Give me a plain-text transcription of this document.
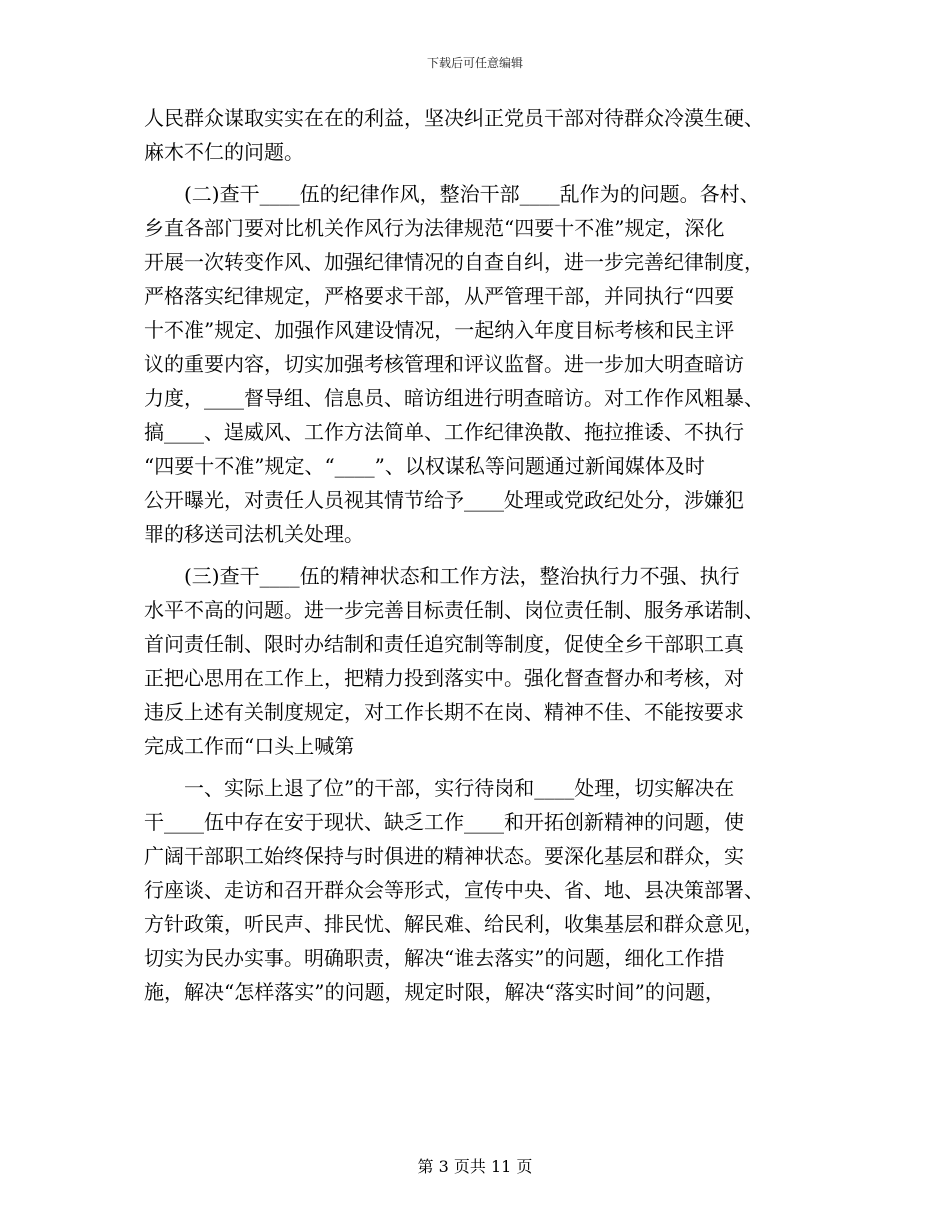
下载后可任意编辑
人民群众谋取实实在在的利益，坚决纠正党员干部对待群众冷漠生硬、
麻木不仁的问题。
　　(二)查干____伍的纪律作风，整治干部____乱作为的问题。各村、
乡直各部门要对比机关作风行为法律规范“四要十不准”规定，深化
开展一次转变作风、加强纪律情况的自查自纠，进一步完善纪律制度，
严格落实纪律规定，严格要求干部，从严管理干部，并同执行“四要
十不准”规定、加强作风建设情况，一起纳入年度目标考核和民主评
议的重要内容，切实加强考核管理和评议监督。进一步加大明查暗访
力度，____督导组、信息员、暗访组进行明查暗访。对工作作风粗暴、
搞____、逞威风、工作方法简单、工作纪律涣散、拖拉推诿、不执行
“四要十不准”规定、“____”、以权谋私等问题通过新闻媒体及时
公开曝光，对责任人员视其情节给予____处理或党政纪处分，涉嫌犯
罪的移送司法机关处理。
　　(三)查干____伍的精神状态和工作方法，整治执行力不强、执行
水平不高的问题。进一步完善目标责任制、岗位责任制、服务承诺制、
首问责任制、限时办结制和责任追究制等制度，促使全乡干部职工真
正把心思用在工作上，把精力投到落实中。强化督查督办和考核，对
违反上述有关制度规定，对工作长期不在岗、精神不佳、不能按要求
完成工作而“口头上喊第
　　一、实际上退了位”的干部，实行待岗和____处理，切实解决在
干____伍中存在安于现状、缺乏工作____和开拓创新精神的问题，使
广阔干部职工始终保持与时俱进的精神状态。要深化基层和群众，实
行座谈、走访和召开群众会等形式，宣传中央、省、地、县决策部署、
方针政策，听民声、排民忧、解民难、给民利，收集基层和群众意见，
切实为民办实事。明确职责，解决“谁去落实”的问题，细化工作措
施，解决“怎样落实”的问题，规定时限，解决“落实时间”的问题，
第 3 页共 11 页
